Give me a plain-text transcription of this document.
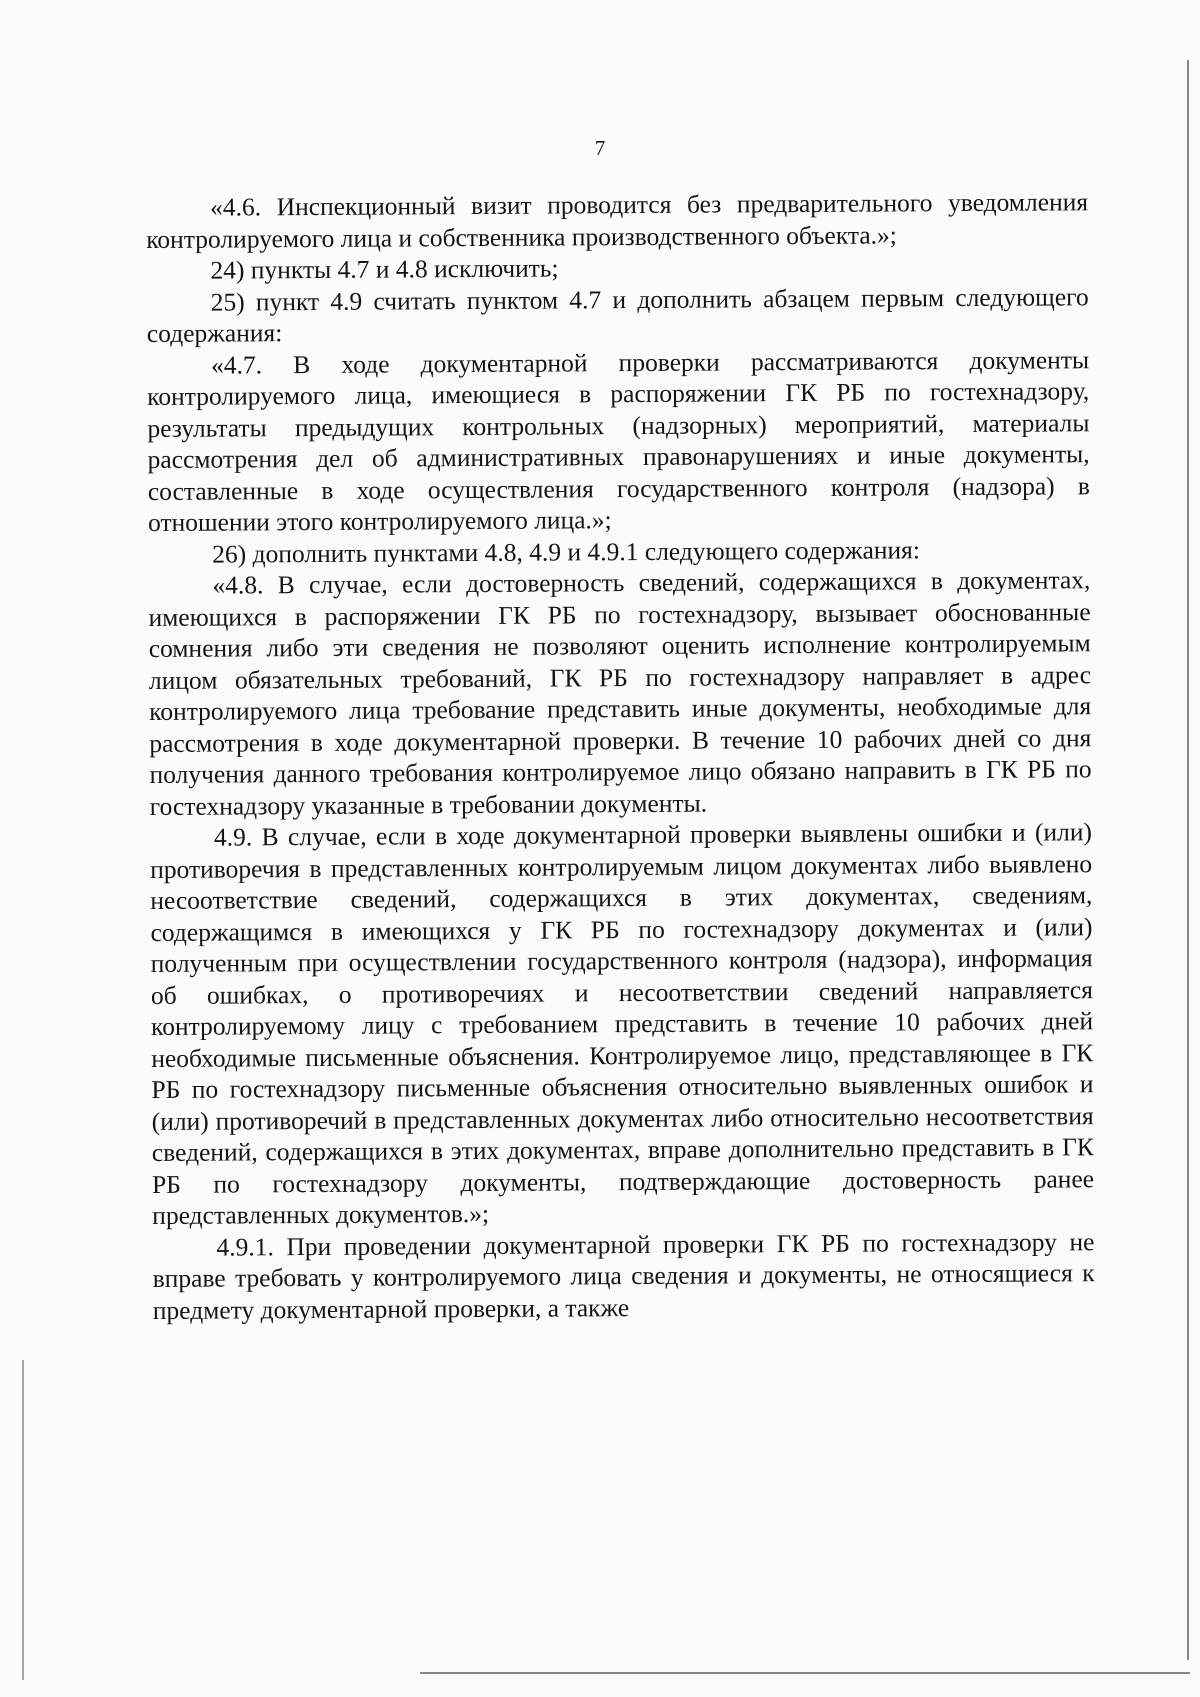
7

«4.6. Инспекционный визит проводится без предварительного уведомления контролируемого лица и собственника производственного объекта.»;

24) пункты 4.7 и 4.8 исключить;

25) пункт 4.9 считать пунктом 4.7 и дополнить абзацем первым следующего содержания:

«4.7. В ходе документарной проверки рассматриваются документы контролируемого лица, имеющиеся в распоряжении ГК РБ по гостехнадзору, результаты предыдущих контрольных (надзорных) мероприятий, материалы рассмотрения дел об административных правонарушениях и иные документы, составленные в ходе осуществления государственного контроля (надзора) в отношении этого контролируемого лица.»;

26) дополнить пунктами 4.8, 4.9 и 4.9.1 следующего содержания:

«4.8. В случае, если достоверность сведений, содержащихся в документах, имеющихся в распоряжении ГК РБ по гостехнадзору, вызывает обоснованные сомнения либо эти сведения не позволяют оценить исполнение контролируемым лицом обязательных требований, ГК РБ по гостехнадзору направляет в адрес контролируемого лица требование представить иные документы, необходимые для рассмотрения в ходе документарной проверки. В течение 10 рабочих дней со дня получения данного требования контролируемое лицо обязано направить в ГК РБ по гостехнадзору указанные в требовании документы.

4.9. В случае, если в ходе документарной проверки выявлены ошибки и (или) противоречия в представленных контролируемым лицом документах либо выявлено несоответствие сведений, содержащихся в этих документах, сведениям, содержащимся в имеющихся у ГК РБ по гостехнадзору документах и (или) полученным при осуществлении государственного контроля (надзора), информация об ошибках, о противоречиях и несоответствии сведений направляется контролируемому лицу с требованием представить в течение 10 рабочих дней необходимые письменные объяснения. Контролируемое лицо, представляющее в ГК РБ по гостехнадзору письменные объяснения относительно выявленных ошибок и (или) противоречий в представленных документах либо относительно несоответствия сведений, содержащихся в этих документах, вправе дополнительно представить в ГК РБ по гостехнадзору документы, подтверждающие достоверность ранее представленных документов.»;

4.9.1. При проведении документарной проверки ГК РБ по гостехнадзору не вправе требовать у контролируемого лица сведения и документы, не относящиеся к предмету документарной проверки, а также
